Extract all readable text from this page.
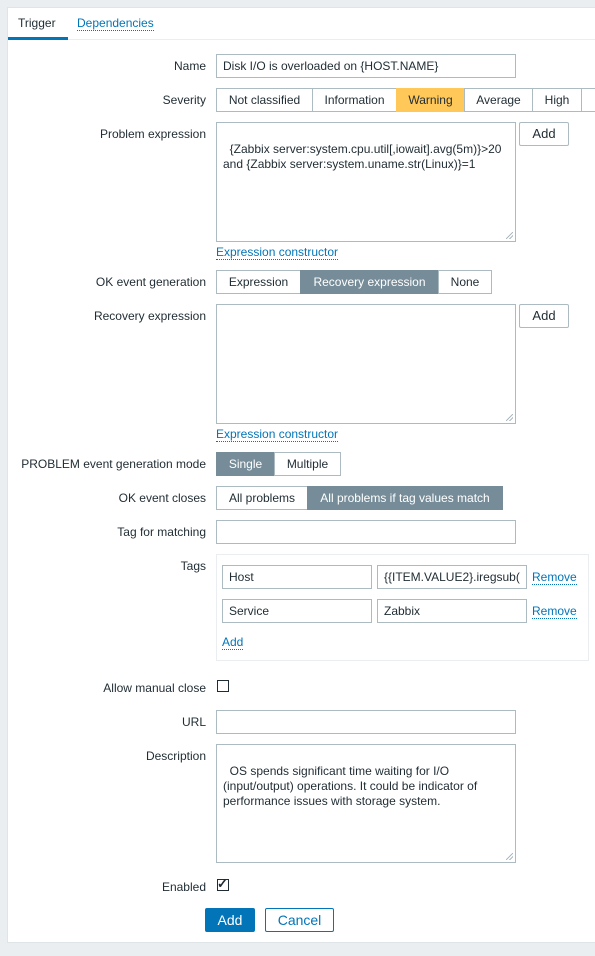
Trigger Dependencies
Name	Disk I/O is overloaded on {HOST.NAME}
Severity	Not classified	Information	Warning	Average	High
Problem expression

{Zabbix server:system.cpu.util[,iowait].avg(5m)}>20
and {Zabbix server:system.uname.str(Linux)}=1

Add
Expression constructor
OK event generation	Expression	Recovery expression	None
Recovery expression

	Add
Expression constructor
PROBLEM event generation mode	Single	Multiple
OK event closes	All problems	All problems if tag values match
Tag for matching
Tags
Host	{{ITEM.VALUE2}.iregsub(	Remove
Service	Zabbix	Remove
Add
Allow manual close
URL
Description

OS spends significant time waiting for I/O
(input/output) operations. It could be indicator of
performance issues with storage system.

Enabled ✓
Add	Cancel
